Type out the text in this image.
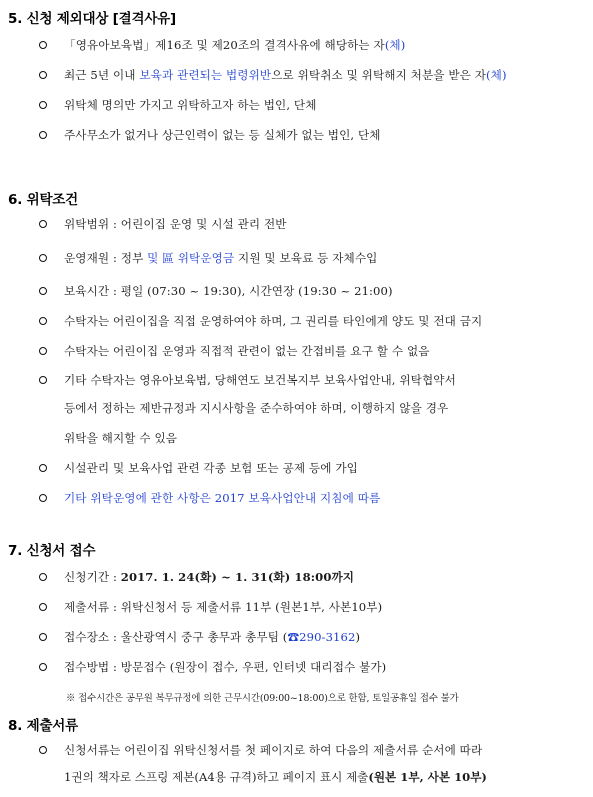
5. 신청 제외대상 [결격사유]
「영유아보육법」제16조 및 제20조의 결격사유에 해당하는 자(체)
최근 5년 이내 보육과 관련되는 법령위반으로 위탁취소 및 위탁해지 처분을 받은 자(체)
위탁체 명의만 가지고 위탁하고자 하는 법인, 단체
주사무소가 없거나 상근인력이 없는 등 실체가 없는 법인, 단체
6. 위탁조건
위탁범위 : 어린이집 운영 및 시설 관리 전반
운영재원 : 정부 및 區 위탁운영금 지원 및 보육료 등 자체수입
보육시간 : 평일 (07:30 ~ 19:30), 시간연장 (19:30 ~ 21:00)
수탁자는 어린이집을 직접 운영하여야 하며, 그 권리를 타인에게 양도 및 전대 금지
수탁자는 어린이집 운영과 직접적 관련이 없는 간접비를 요구 할 수 없음
기타 수탁자는 영유아보육법, 당해연도 보건복지부 보육사업안내, 위탁협약서
등에서 정하는 제반규정과 지시사항을 준수하여야 하며, 이행하지 않을 경우
위탁을 해지할 수 있음
시설관리 및 보육사업 관련 각종 보험 또는 공제 등에 가입
기타 위탁운영에 관한 사항은 2017 보육사업안내 지침에 따름
7. 신청서 접수
신청기간 : 2017. 1. 24(화) ~ 1. 31(화) 18:00까지
제출서류 : 위탁신청서 등 제출서류 11부 (원본1부, 사본10부)
접수장소 : 울산광역시 중구 총무과 총무팀 (☎290-3162)
접수방법 : 방문접수 (원장이 접수, 우편, 인터넷 대리접수 불가)
※ 접수시간은 공무원 복무규정에 의한 근무시간(09:00~18:00)으로 한함, 토일공휴일 접수 불가
8. 제출서류
신청서류는 어린이집 위탁신청서를 첫 페이지로 하여 다음의 제출서류 순서에 따라
1권의 책자로 스프링 제본(A4용 규격)하고 페이지 표시 제출(원본 1부, 사본 10부)
